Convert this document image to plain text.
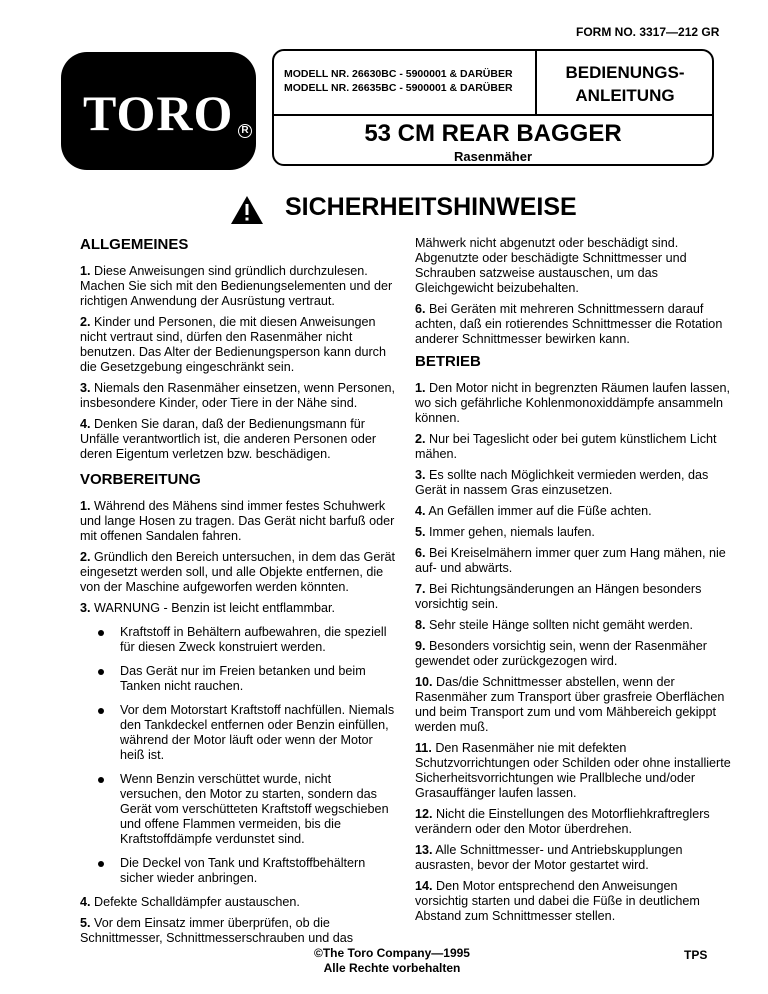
FORM NO. 3317—212 GR
TORO R
MODELL NR. 26630BC - 5900001 & DARÜBER
MODELL NR. 26635BC - 5900001 & DARÜBER
BEDIENUNGS-
ANLEITUNG
53 CM REAR BAGGER
Rasenmäher
SICHERHEITSHINWEISE
ALLGEMEINES

1. Diese Anweisungen sind gründlich durchzulesen. Machen Sie sich mit den Bedienungselementen und der richtigen Anwendung der Ausrüstung vertraut.

2. Kinder und Personen, die mit diesen Anweisungen nicht vertraut sind, dürfen den Rasenmäher nicht benutzen. Das Alter der Bedienungsperson kann durch die Gesetzgebung eingeschränkt sein.

3. Niemals den Rasenmäher einsetzen, wenn Personen, insbesondere Kinder, oder Tiere in der Nähe sind.

4. Denken Sie daran, daß der Bedienungsmann für Unfälle verantwortlich ist, die anderen Personen oder deren Eigentum verletzen bzw. beschädigen.

VORBEREITUNG

1. Während des Mähens sind immer festes Schuhwerk und lange Hosen zu tragen. Das Gerät nicht barfuß oder mit offenen Sandalen fahren.

2. Gründlich den Bereich untersuchen, in dem das Gerät eingesetzt werden soll, und alle Objekte entfernen, die von der Maschine aufgeworfen werden könnten.

3. WARNUNG - Benzin ist leicht entflammbar.

Kraftstoff in Behältern aufbewahren, die speziell für diesen Zweck konstruiert werden.
Das Gerät nur im Freien betanken und beim Tanken nicht rauchen.
Vor dem Motorstart Kraftstoff nachfüllen. Niemals den Tankdeckel entfernen oder Benzin einfüllen, während der Motor läuft oder wenn der Motor heiß ist.
Wenn Benzin verschüttet wurde, nicht versuchen, den Motor zu starten, sondern das Gerät vom verschütteten Kraftstoff wegschieben und offene Flammen vermeiden, bis die Kraftstoffdämpfe verdunstet sind.
Die Deckel von Tank und Kraftstoffbehältern sicher wieder anbringen.

4. Defekte Schalldämpfer austauschen.

5. Vor dem Einsatz immer überprüfen, ob die Schnittmesser, Schnittmesserschrauben und das

Mähwerk nicht abgenutzt oder beschädigt sind. Abgenutzte oder beschädigte Schnittmesser und Schrauben satzweise austauschen, um das Gleichgewicht beizubehalten.

6. Bei Geräten mit mehreren Schnittmessern darauf achten, daß ein rotierendes Schnittmesser die Rotation anderer Schnittmesser bewirken kann.

BETRIEB

1. Den Motor nicht in begrenzten Räumen laufen lassen, wo sich gefährliche Kohlenmonoxiddämpfe ansammeln können.

2. Nur bei Tageslicht oder bei gutem künstlichem Licht mähen.

3. Es sollte nach Möglichkeit vermieden werden, das Gerät in nassem Gras einzusetzen.

4. An Gefällen immer auf die Füße achten.

5. Immer gehen, niemals laufen.

6. Bei Kreiselmähern immer quer zum Hang mähen, nie auf- und abwärts.

7. Bei Richtungsänderungen an Hängen besonders vorsichtig sein.

8. Sehr steile Hänge sollten nicht gemäht werden.

9. Besonders vorsichtig sein, wenn der Rasenmäher gewendet oder zurückgezogen wird.

10. Das/die Schnittmesser abstellen, wenn der Rasenmäher zum Transport über grasfreie Oberflächen und beim Transport zum und vom Mähbereich gekippt werden muß.

11. Den Rasenmäher nie mit defekten Schutzvorrichtungen oder Schilden oder ohne installierte Sicherheitsvorrichtungen wie Prallbleche und/oder Grasauffänger laufen lassen.

12. Nicht die Einstellungen des Motorfliehkraftreglers verändern oder den Motor überdrehen.

13. Alle Schnittmesser- und Antriebskupplungen ausrasten, bevor der Motor gestartet wird.

14. Den Motor entsprechend den Anweisungen vorsichtig starten und dabei die Füße in deutlichem Abstand zum Schnittmesser stellen.

©The Toro Company—1995
Alle Rechte vorbehalten
TPS
